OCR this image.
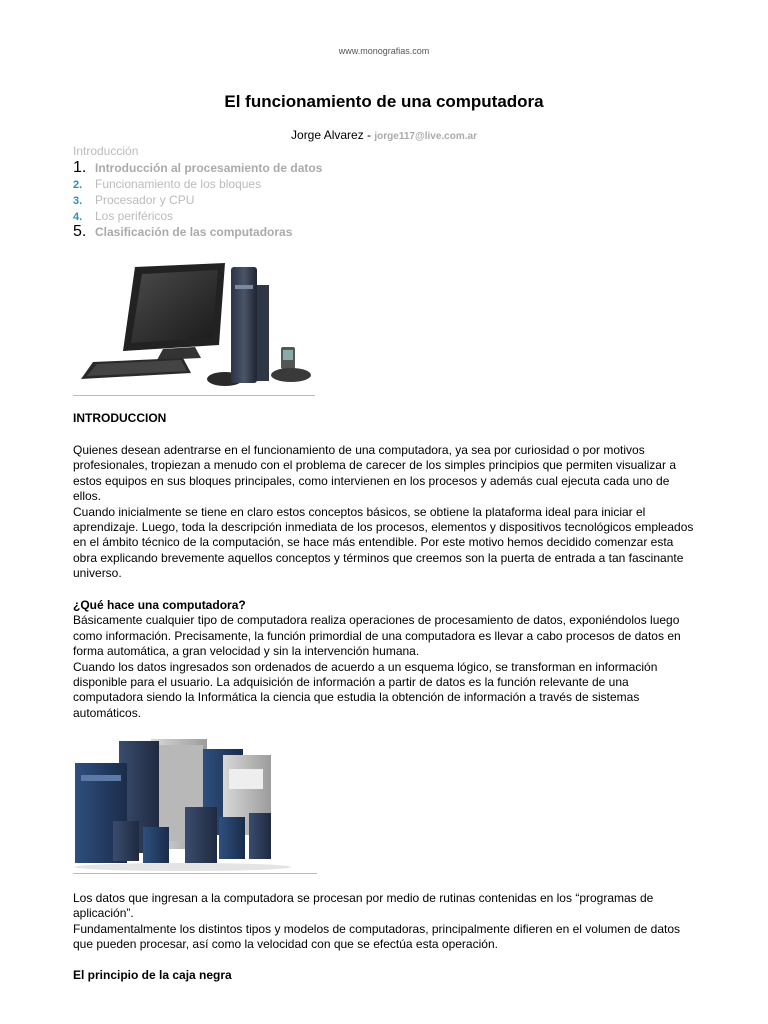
www.monografias.com
El funcionamiento de una computadora
Jorge Alvarez - jorge117@live.com.ar
Introducción
1. Introducción al procesamiento de datos
2. Funcionamiento de los bloques
3. Procesador y CPU
4. Los periféricos
5. Clasificación de las computadoras
INTRODUCCION

Quienes desean adentrarse en el funcionamiento de una computadora, ya sea por curiosidad o por motivos profesionales, tropiezan a menudo con el problema de carecer de los simples principios que permiten visualizar a estos equipos en sus bloques principales, como intervienen en los procesos y además cual ejecuta cada uno de ellos.

Cuando inicialmente se tiene en claro estos conceptos básicos, se obtiene la plataforma ideal para iniciar el aprendizaje. Luego, toda la descripción inmediata de los procesos, elementos y dispositivos tecnológicos empleados en el ámbito técnico de la computación, se hace más entendible. Por este motivo hemos decidido comenzar esta obra explicando brevemente aquellos conceptos y términos que creemos son la puerta de entrada a tan fascinante universo.

¿Qué hace una computadora?

Básicamente cualquier tipo de computadora realiza operaciones de procesamiento de datos, exponiéndolos luego como información. Precisamente, la función primordial de una computadora es llevar a cabo procesos de datos en forma automática, a gran velocidad y sin la intervención humana.

Cuando los datos ingresados son ordenados de acuerdo a un esquema lógico, se transforman en información disponible para el usuario. La adquisición de información a partir de datos es la función relevante de una computadora siendo la Informática la ciencia que estudia la obtención de información a través de sistemas automáticos.

Los datos que ingresan a la computadora se procesan por medio de rutinas contenidas en los “programas de aplicación”.

Fundamentalmente los distintos tipos y modelos de computadoras, principalmente difieren en el volumen de datos que pueden procesar, así como la velocidad con que se efectúa esta operación.

El principio de la caja negra
